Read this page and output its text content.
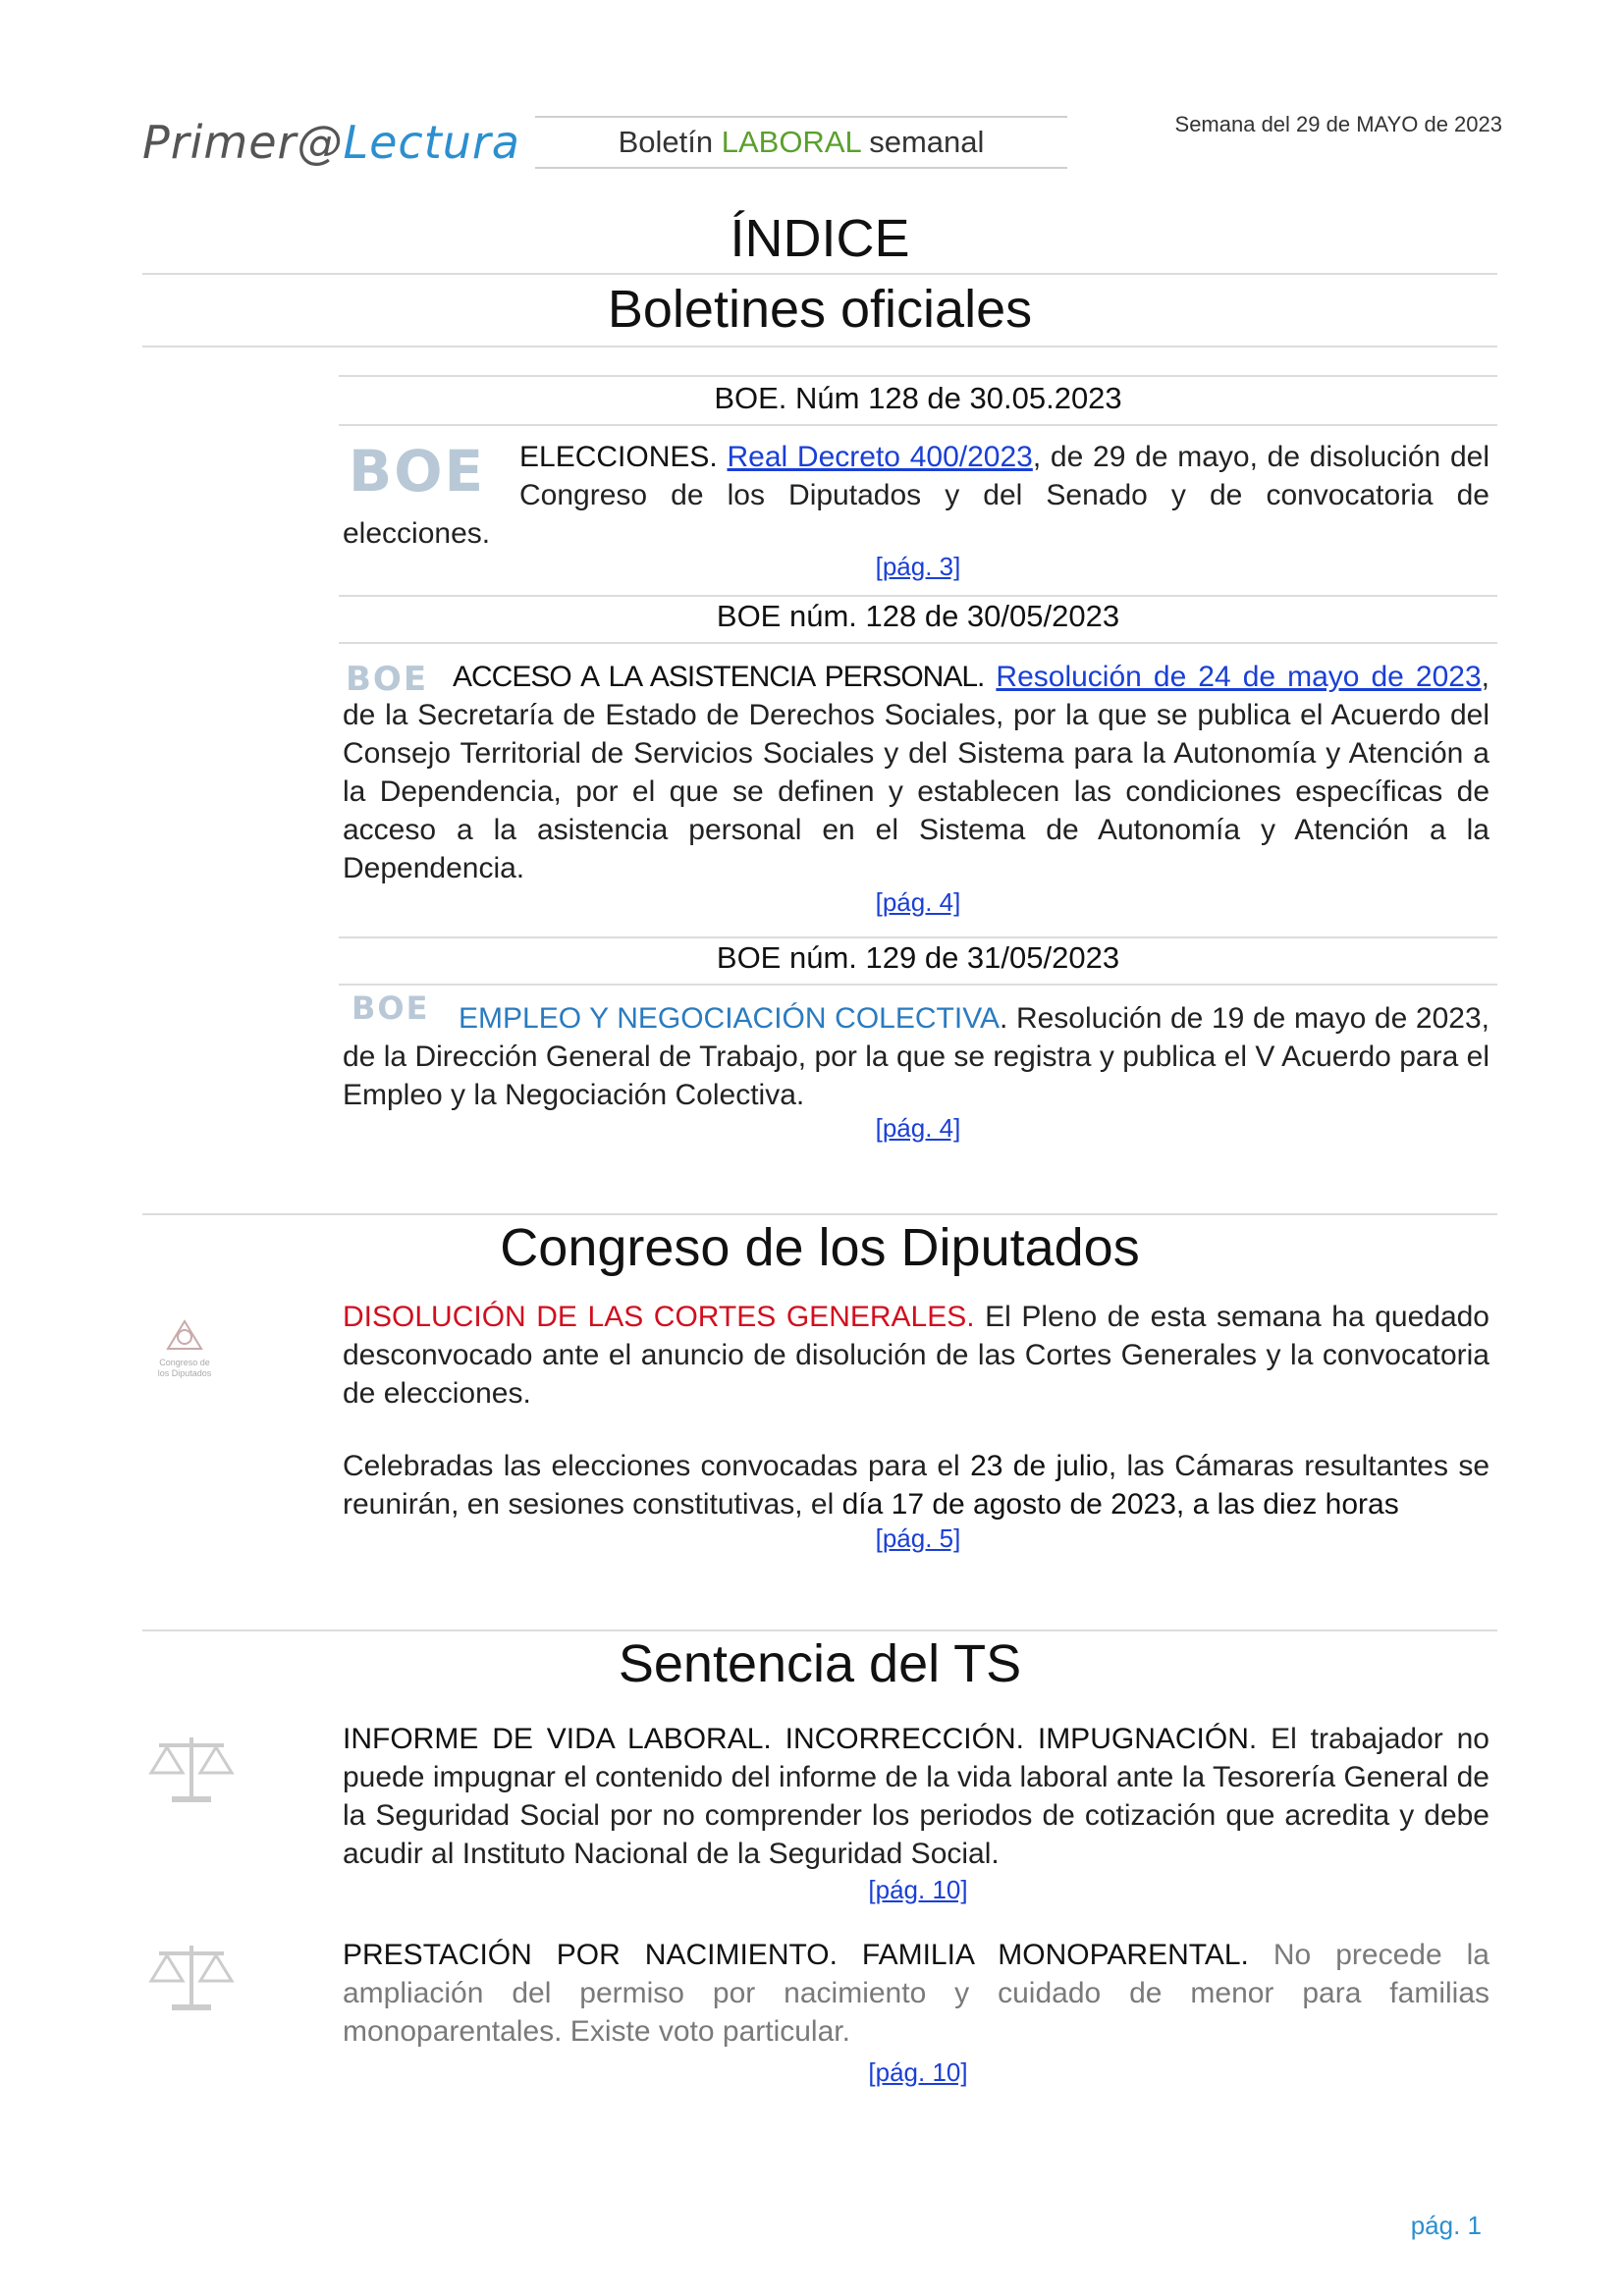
Primer@Lectura	Boletín LABORAL semanal
Semana del 29 de MAYO de 2023
ÍNDICE
Boletines oficiales
BOE. Núm 128 de 30.05.2023
BOE	ELECCIONES. Real Decreto 400/2023, de 29 de mayo, de disolución del Congreso de los Diputados y del Senado y de convocatoria de elecciones.
[pág. 3]
BOE núm. 128 de 30/05/2023
BOE ACCESO A LA ASISTENCIA PERSONAL. Resolución de 24 de mayo de 2023, de la Secretaría de Estado de Derechos Sociales, por la que se publica el Acuerdo del Consejo Territorial de Servicios Sociales y del Sistema para la Autonomía y Atención a la Dependencia, por el que se definen y establecen las condiciones específicas de acceso a la asistencia personal en el Sistema de Autonomía y Atención a la Dependencia.
[pág. 4]
BOE núm. 129 de 31/05/2023
BOE EMPLEO Y NEGOCIACIÓN COLECTIVA. Resolución de 19 de mayo de 2023, de la Dirección General de Trabajo, por la que se registra y publica el V Acuerdo para el Empleo y la Negociación Colectiva.
[pág. 4]
Congreso de los Diputados
Congreso de los Diputados
DISOLUCIÓN DE LAS CORTES GENERALES. El Pleno de esta semana ha quedado desconvocado ante el anuncio de disolución de las Cortes Generales y la convocatoria de elecciones.
Celebradas las elecciones convocadas para el 23 de julio, las Cámaras resultantes se reunirán, en sesiones constitutivas, el día 17 de agosto de 2023, a las diez horas
[pág. 5]
Sentencia del TS
INFORME DE VIDA LABORAL. INCORRECCIÓN. IMPUGNACIÓN. El trabajador no puede impugnar el contenido del informe de la vida laboral ante la Tesorería General de la Seguridad Social por no comprender los periodos de cotización que acredita y debe acudir al Instituto Nacional de la Seguridad Social.
[pág. 10]
PRESTACIÓN POR NACIMIENTO. FAMILIA MONOPARENTAL. No precede la ampliación del permiso por nacimiento y cuidado de menor para familias monoparentales. Existe voto particular.
[pág. 10]
pág. 1
